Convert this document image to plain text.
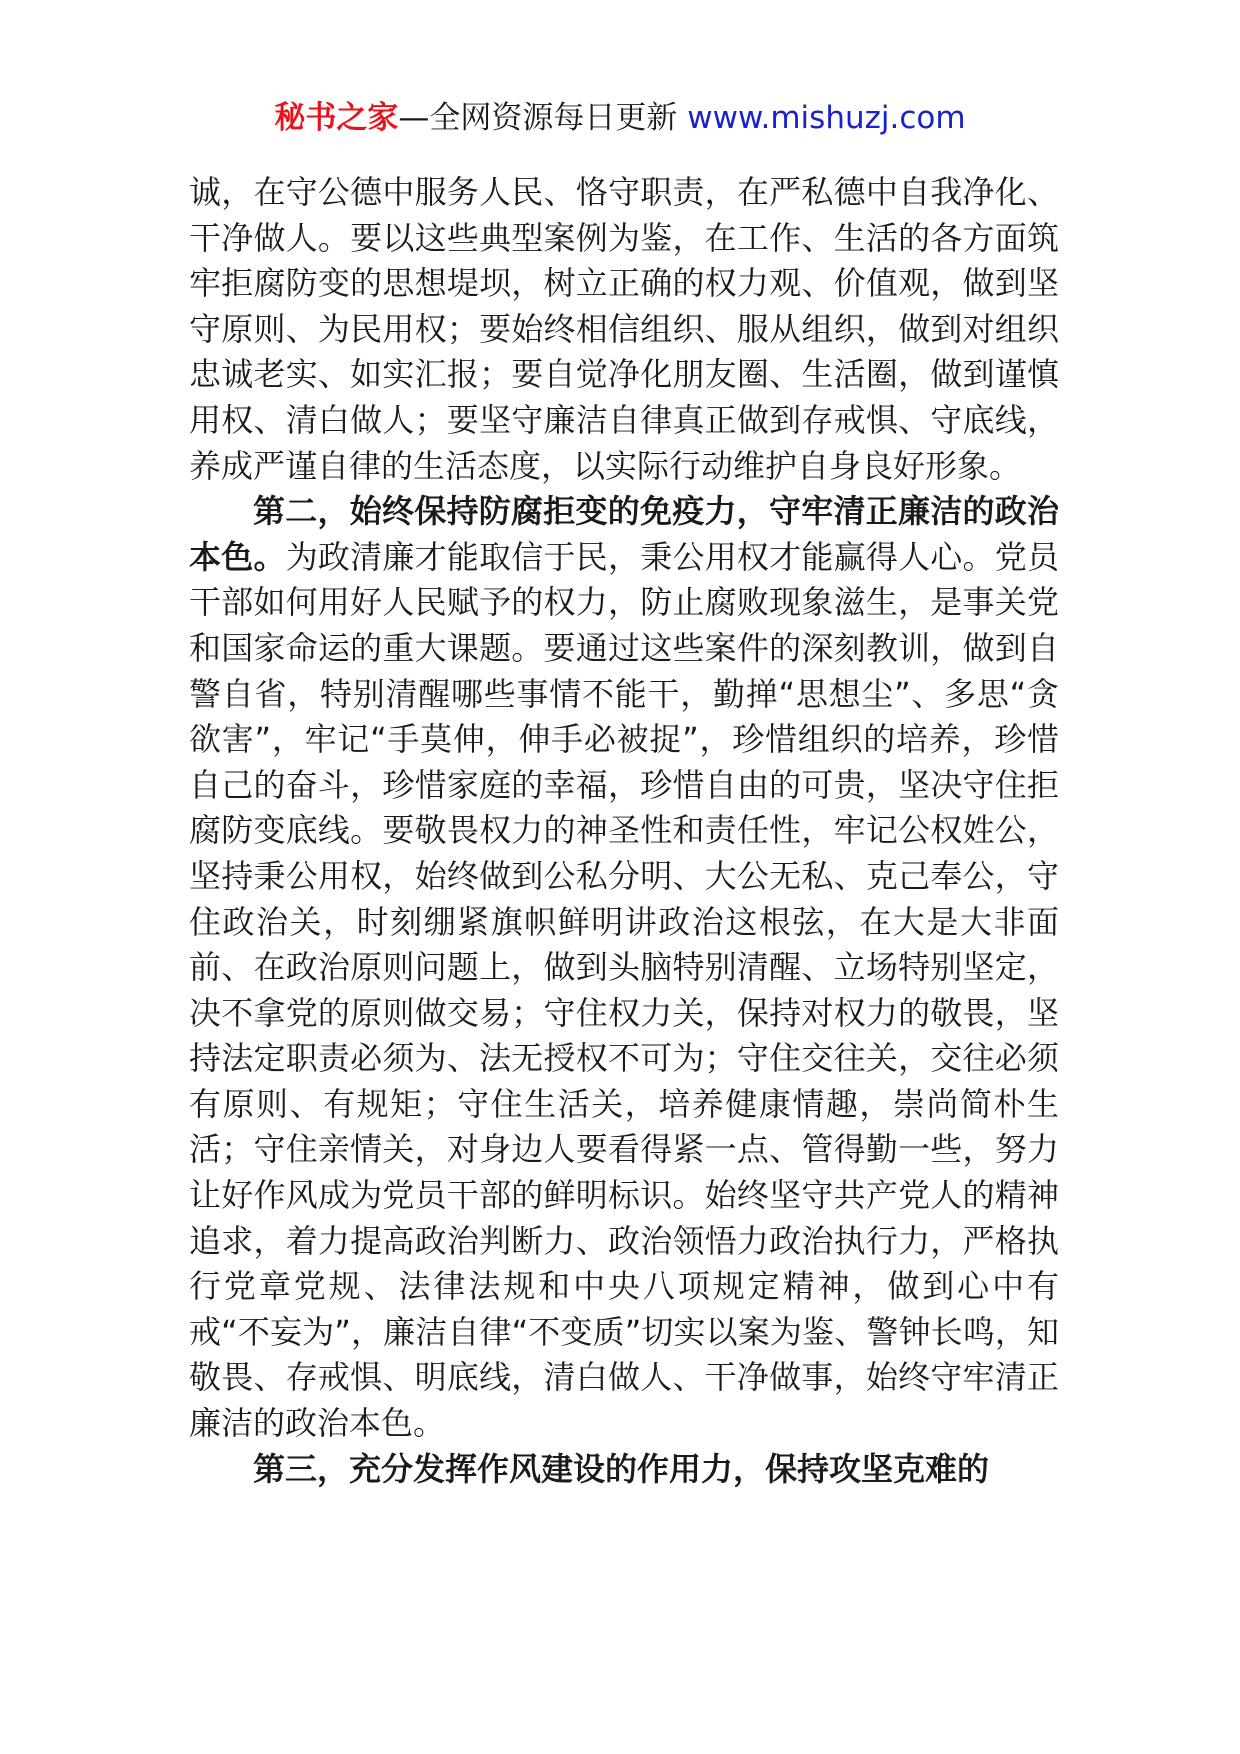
秘书之家—全网资源每日更新 www.mishuzj.com

诚，在守公德中服务人民、恪守职责，在严私德中自我净化、干净做人。要以这些典型案例为鉴，在工作、生活的各方面筑牢拒腐防变的思想堤坝，树立正确的权力观、价值观，做到坚守原则、为民用权；要始终相信组织、服从组织，做到对组织忠诚老实、如实汇报；要自觉净化朋友圈、生活圈，做到谨慎用权、清白做人；要坚守廉洁自律真正做到存戒惧、守底线，养成严谨自律的生活态度，以实际行动维护自身良好形象。

第二，始终保持防腐拒变的免疫力，守牢清正廉洁的政治本色。为政清廉才能取信于民，秉公用权才能赢得人心。党员干部如何用好人民赋予的权力，防止腐败现象滋生，是事关党和国家命运的重大课题。要通过这些案件的深刻教训，做到自警自省，特别清醒哪些事情不能干，勤掸“思想尘”、多思“贪欲害”，牢记“手莫伸，伸手必被捉”，珍惜组织的培养，珍惜自己的奋斗，珍惜家庭的幸福，珍惜自由的可贵，坚决守住拒腐防变底线。要敬畏权力的神圣性和责任性，牢记公权姓公，坚持秉公用权，始终做到公私分明、大公无私、克己奉公，守住政治关，时刻绷紧旗帜鲜明讲政治这根弦，在大是大非面前、在政治原则问题上，做到头脑特别清醒、立场特别坚定，决不拿党的原则做交易；守住权力关，保持对权力的敬畏，坚持法定职责必须为、法无授权不可为；守住交往关，交往必须有原则、有规矩；守住生活关，培养健康情趣，崇尚简朴生活；守住亲情关，对身边人要看得紧一点、管得勤一些，努力让好作风成为党员干部的鲜明标识。始终坚守共产党人的精神追求，着力提高政治判断力、政治领悟力政治执行力，严格执行党章党规、法律法规和中央八项规定精神，做到心中有戒“不妄为”，廉洁自律“不变质”切实以案为鉴、警钟长鸣，知敬畏、存戒惧、明底线，清白做人、干净做事，始终守牢清正廉洁的政治本色。

第三，充分发挥作风建设的作用力，保持攻坚克难的
